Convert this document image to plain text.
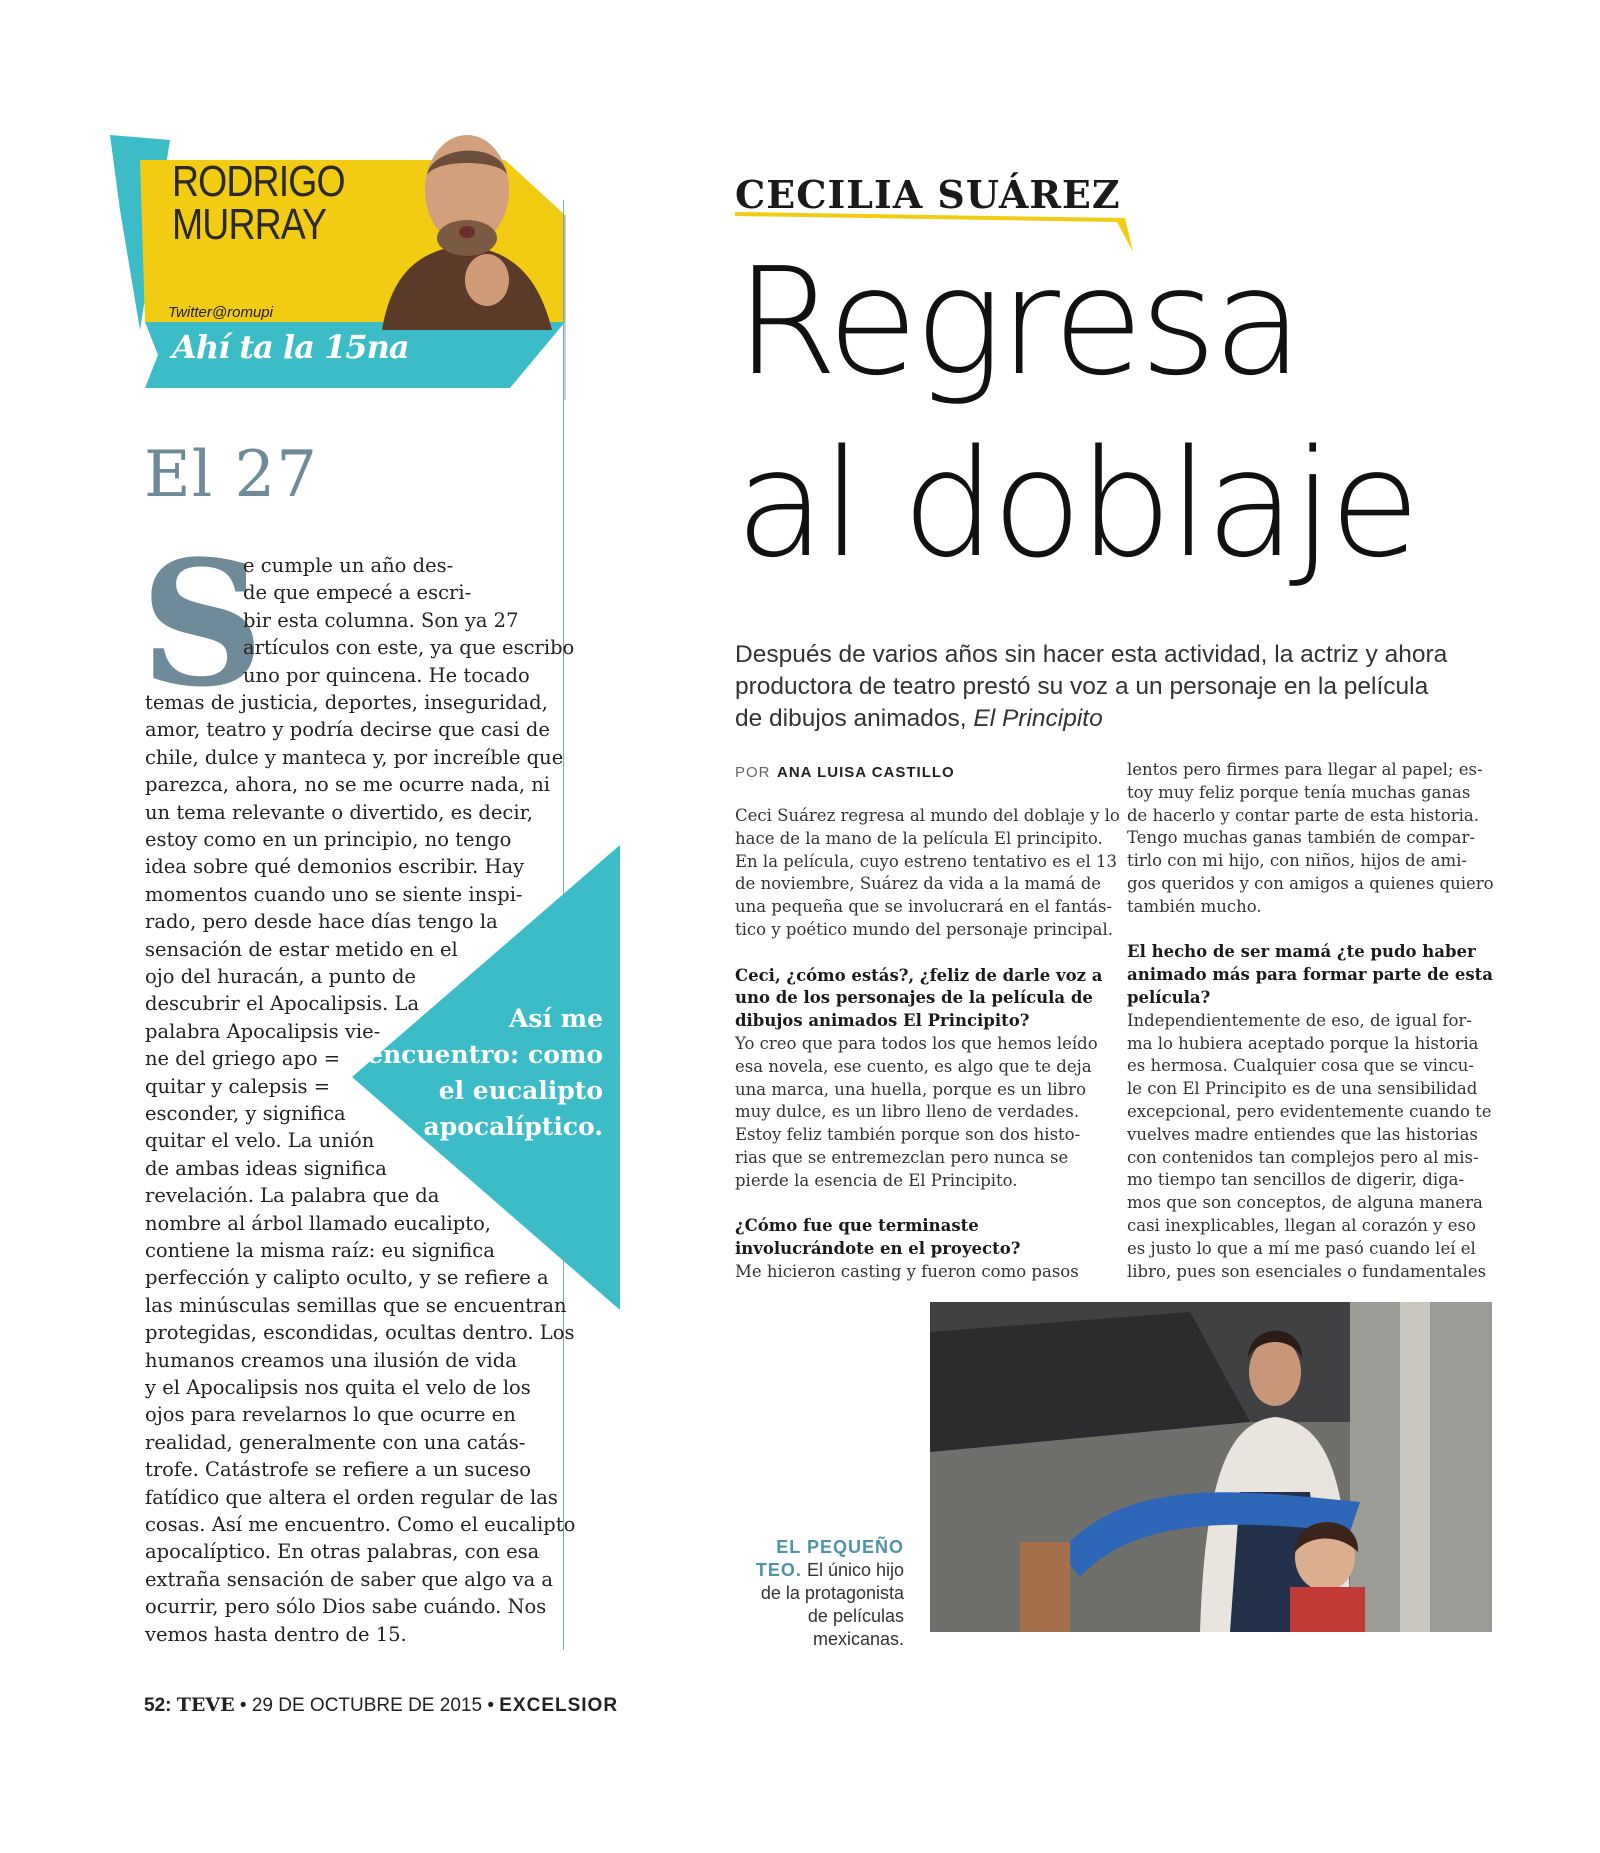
RODRIGO
MURRAY
Twitter@romupi
Ahí ta la 15na
El 27
S
e cumple un año des-
de que empecé a escri-
bir esta columna. Son ya 27
artículos con este, ya que escribo
uno por quincena. He tocado
temas de justicia, deportes, inseguridad,
amor, teatro y podría decirse que casi de
chile, dulce y manteca y, por increíble que
parezca, ahora, no se me ocurre nada, ni
un tema relevante o divertido, es decir,
estoy como en un principio, no tengo
idea sobre qué demonios escribir. Hay
momentos cuando uno se siente inspi-
rado, pero desde hace días tengo la
sensación de estar metido en el
ojo del huracán, a punto de
descubrir el Apocalipsis. La
palabra Apocalipsis vie-
ne del griego apo =
quitar y calepsis =
esconder, y significa
quitar el velo. La unión
de ambas ideas significa
revelación. La palabra que da
nombre al árbol llamado eucalipto,
contiene la misma raíz: eu significa
perfección y calipto oculto, y se refiere a
las minúsculas semillas que se encuentran
protegidas, escondidas, ocultas dentro. Los
humanos creamos una ilusión de vida
y el Apocalipsis nos quita el velo de los
ojos para revelarnos lo que ocurre en
realidad, generalmente con una catás-
trofe. Catástrofe se refiere a un suceso
fatídico que altera el orden regular de las
cosas. Así me encuentro. Como el eucalipto
apocalíptico. En otras palabras, con esa
extraña sensación de saber que algo va a
ocurrir, pero sólo Dios sabe cuándo. Nos
vemos hasta dentro de 15.
Así me
encuentro: como
el eucalipto
apocalíptico.
CECILIA SUÁREZ
Regresa
al doblaje
Después de varios años sin hacer esta actividad, la actriz y ahora
productora de teatro prestó su voz a un personaje en la película
de dibujos animados, El Principito
POR ANA LUISA CASTILLO
Ceci Suárez regresa al mundo del doblaje y lo
hace de la mano de la película El principito.
En la película, cuyo estreno tentativo es el 13
de noviembre, Suárez da vida a la mamá de
una pequeña que se involucrará en el fantás-
tico y poético mundo del personaje principal.
Ceci, ¿cómo estás?, ¿feliz de darle voz a
uno de los personajes de la película de
dibujos animados El Principito?
Yo creo que para todos los que hemos leído
esa novela, ese cuento, es algo que te deja
una marca, una huella, porque es un libro
muy dulce, es un libro lleno de verdades.
Estoy feliz también porque son dos histo-
rias que se entremezclan pero nunca se
pierde la esencia de El Principito.
¿Cómo fue que terminaste
involucrándote en el proyecto?
Me hicieron casting y fueron como pasos
lentos pero firmes para llegar al papel; es-
toy muy feliz porque tenía muchas ganas
de hacerlo y contar parte de esta historia.
Tengo muchas ganas también de compar-
tirlo con mi hijo, con niños, hijos de ami-
gos queridos y con amigos a quienes quiero
también mucho.
El hecho de ser mamá ¿te pudo haber
animado más para formar parte de esta
película?
Independientemente de eso, de igual for-
ma lo hubiera aceptado porque la historia
es hermosa. Cualquier cosa que se vincu-
le con El Principito es de una sensibilidad
excepcional, pero evidentemente cuando te
vuelves madre entiendes que las historias
con contenidos tan complejos pero al mis-
mo tiempo tan sencillos de digerir, diga-
mos que son conceptos, de alguna manera
casi inexplicables, llegan al corazón y eso
es justo lo que a mí me pasó cuando leí el
libro, pues son esenciales o fundamentales
EL PEQUEÑO
TEO. El único hijo
de la protagonista
de películas
mexicanas.
52: TEVE • 29 DE OCTUBRE DE 2015 • EXCELSIOR
